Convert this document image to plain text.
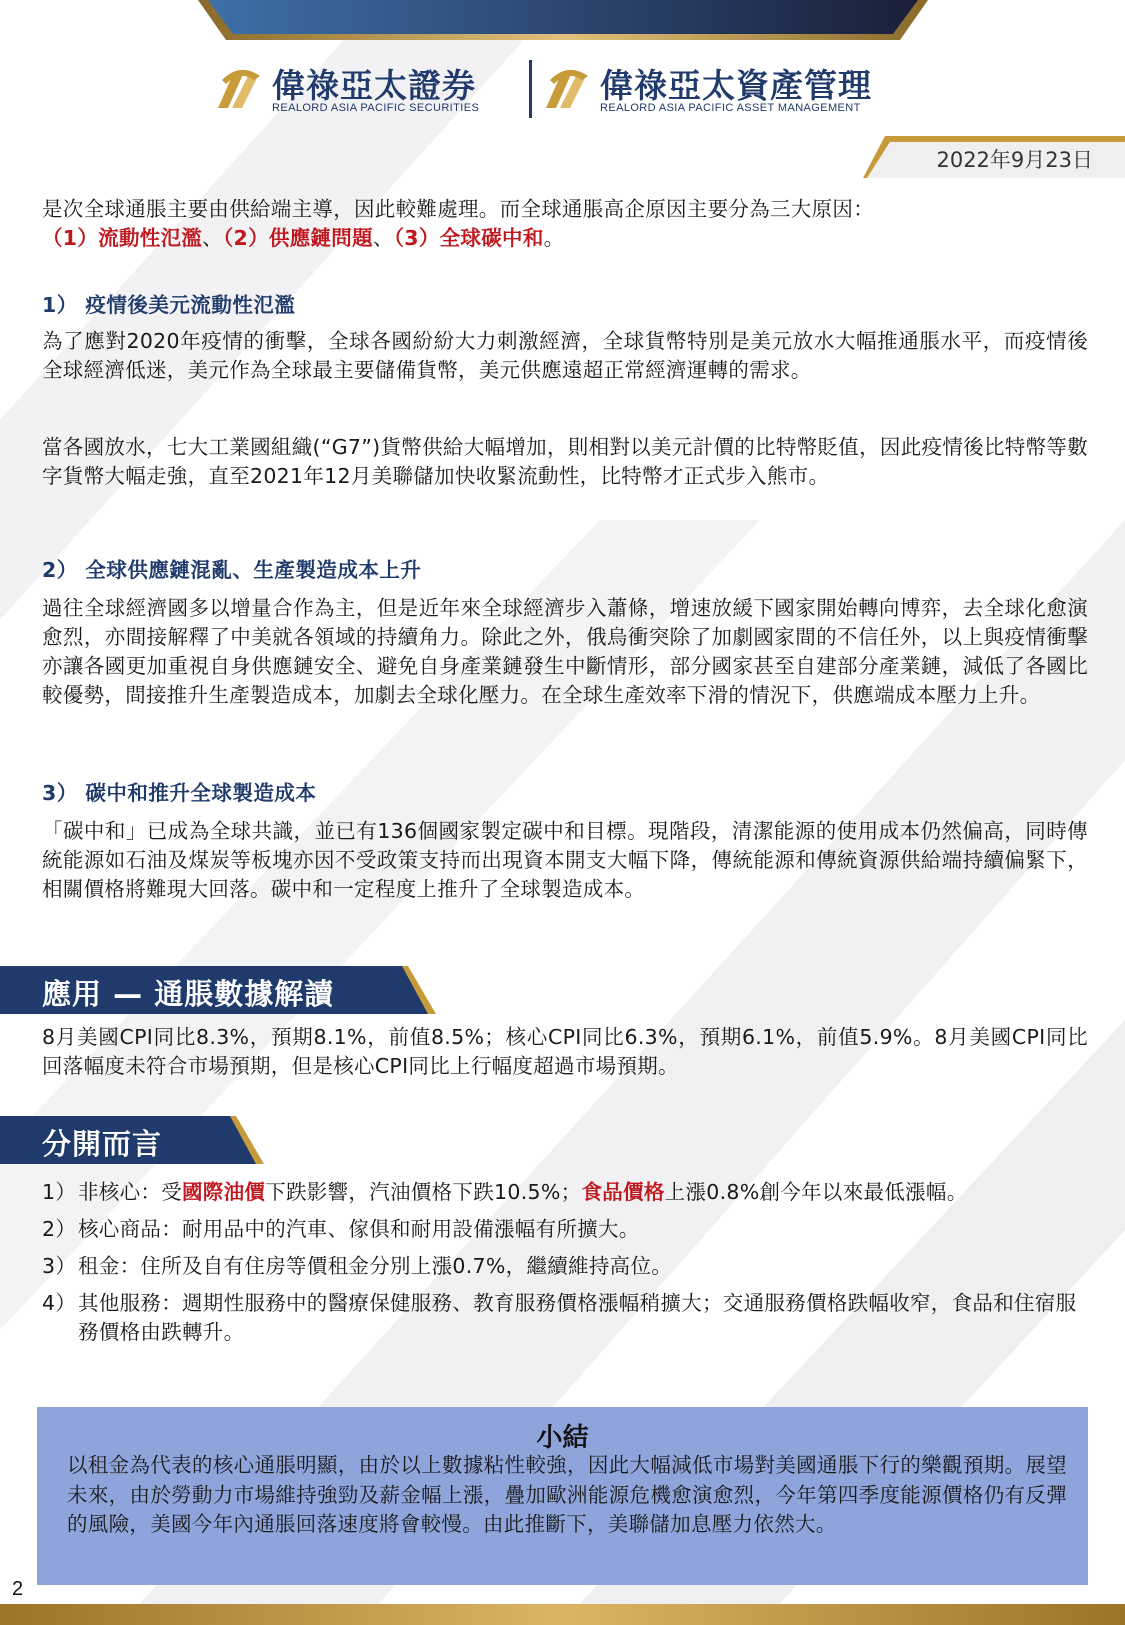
偉祿亞太證券
REALORD ASIA PACIFIC SECURITIES
偉祿亞太資產管理
REALORD ASIA PACIFIC ASSET MANAGEMENT
2022年9月23日
是次全球通脹主要由供給端主導，因此較難處理。而全球通脹高企原因主要分為三大原因：
（1）流動性氾濫、（2）供應鏈問題、（3）全球碳中和。
1） 疫情後美元流動性氾濫
為了應對2020年疫情的衝擊，全球各國紛紛大力刺激經濟，全球貨幣特別是美元放水大幅推通脹水平，而疫情後全球經濟低迷，美元作為全球最主要儲備貨幣，美元供應遠超正常經濟運轉的需求。
當各國放水，七大工業國組織(“G7”)貨幣供給大幅增加，則相對以美元計價的比特幣貶值，因此疫情後比特幣等數字貨幣大幅走強，直至2021年12月美聯儲加快收緊流動性，比特幣才正式步入熊市。
2） 全球供應鏈混亂、生產製造成本上升
過往全球經濟國多以增量合作為主，但是近年來全球經濟步入蕭條，增速放緩下國家開始轉向博弈，去全球化愈演愈烈，亦間接解釋了中美就各領域的持續角力。除此之外，俄烏衝突除了加劇國家間的不信任外，以上與疫情衝擊亦讓各國更加重視自身供應鏈安全、避免自身產業鏈發生中斷情形，部分國家甚至自建部分產業鏈，減低了各國比較優勢，間接推升生產製造成本，加劇去全球化壓力。在全球生產效率下滑的情況下，供應端成本壓力上升。
3） 碳中和推升全球製造成本
「碳中和」已成為全球共識，並已有136個國家製定碳中和目標。現階段，清潔能源的使用成本仍然偏高，同時傳統能源如石油及煤炭等板塊亦因不受政策支持而出現資本開支大幅下降，傳統能源和傳統資源供給端持續偏緊下，相關價格將難現大回落。碳中和一定程度上推升了全球製造成本。
應用 — 通脹數據解讀
8月美國CPI同比8.3%，預期8.1%，前值8.5%；核心CPI同比6.3%，預期6.1%，前值5.9%。8月美國CPI同比回落幅度未符合市場預期，但是核心CPI同比上行幅度超過市場預期。
分開而言
1） 非核心：受國際油價下跌影響，汽油價格下跌10.5%；食品價格上漲0.8%創今年以來最低漲幅。
2） 核心商品：耐用品中的汽車、傢俱和耐用設備漲幅有所擴大。
3） 租金：住所及自有住房等價租金分別上漲0.7%，繼續維持高位。
4） 其他服務：週期性服務中的醫療保健服務、教育服務價格漲幅稍擴大；交通服務價格跌幅收窄，食品和住宿服務價格由跌轉升。
小結
以租金為代表的核心通脹明顯，由於以上數據粘性較強，因此大幅減低市場對美國通脹下行的樂觀預期。展望未來，由於勞動力市場維持強勁及薪金幅上漲，疊加歐洲能源危機愈演愈烈，今年第四季度能源價格仍有反彈的風險，美國今年內通脹回落速度將會較慢。由此推斷下，美聯儲加息壓力依然大。
2
